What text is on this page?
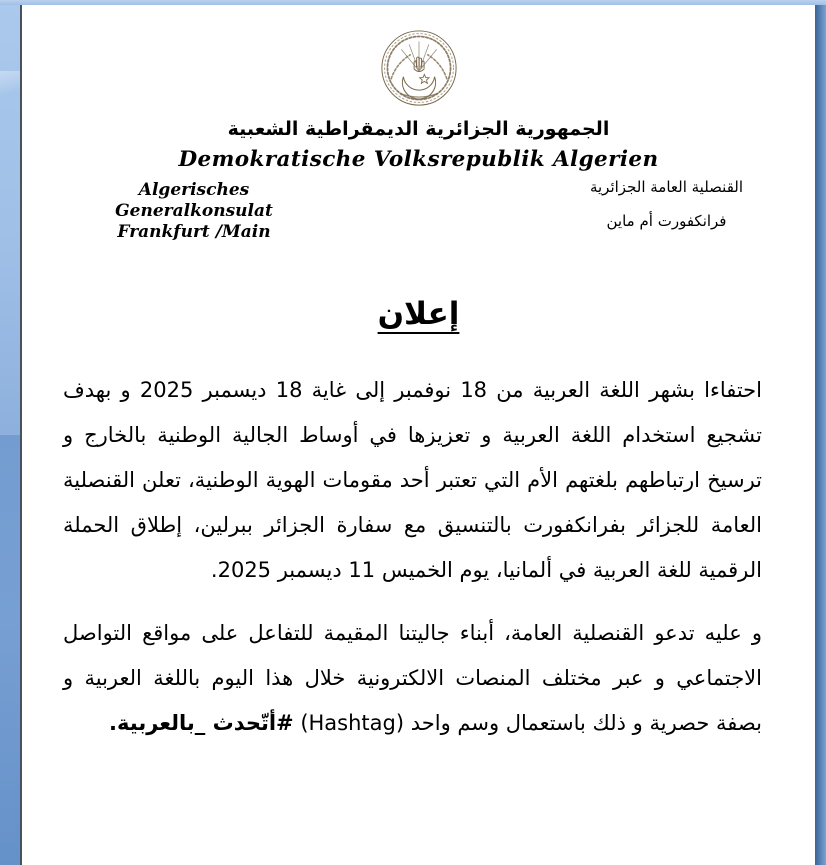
الجمهورية الجزائرية الديمقراطية الشعبية
Demokratische Volksrepublik Algerien
Algerisches Generalkonsulat
Frankfurt /Main
القنصلية العامة الجزائرية
فرانكفورت أم ماين
إعلان
احتفاءا بشهر اللغة العربية من 18 نوفمبر إلى غاية 18 ديسمبر 2025 و بهدف تشجيع استخدام اللغة العربية و تعزيزها في أوساط الجالية الوطنية بالخارج و ترسيخ ارتباطهم بلغتهم الأم التي تعتبر أحد مقومات الهوية الوطنية، تعلن القنصلية العامة للجزائر بفرانكفورت بالتنسيق مع سفارة الجزائر ببرلين، إطلاق الحملة الرقمية للغة العربية في ألمانيا، يوم الخميس 11 ديسمبر 2025.
و عليه تدعو القنصلية العامة، أبناء جاليتنا المقيمة للتفاعل على مواقع التواصل الاجتماعي و عبر مختلف المنصات الالكترونية خلال هذا اليوم باللغة العربية و بصفة حصرية و ذلك باستعمال وسم واحد (Hashtag) #أتّحدث _بالعربية.
